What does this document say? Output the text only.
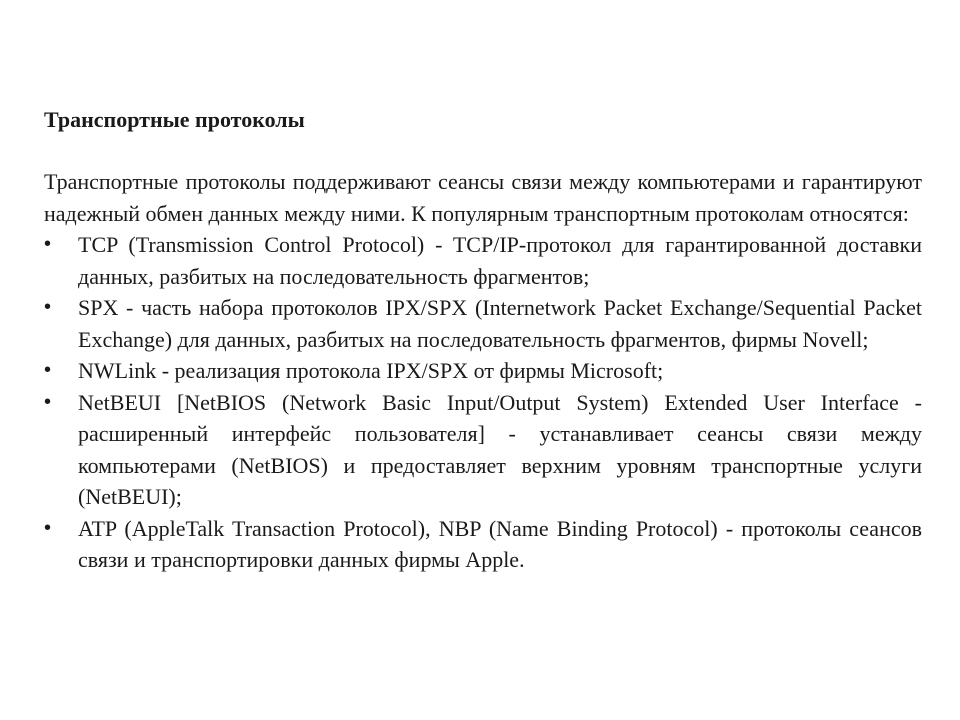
Транспортные протоколы

Транспортные протоколы поддерживают сеансы связи между компьютерами и гарантируют надежный обмен данных между ними. К популярным транспортным протоколам относятся:

•	TCP (Transmission Control Protocol) - TCP/IP-протокол для гарантированной доставки данных, разбитых на последовательность фрагментов;
•	SPX - часть набора протоколов IPX/SPX (Internetwork Packet Exchange/Sequential Packet Exchange) для данных, разбитых на последовательность фрагментов, фирмы Novell;
•	NWLink - реализация протокола IPX/SPX от фирмы Microsoft;
•	NetBEUI [NetBIOS (Network Basic Input/Output System) Extended User Interface - расширенный интерфейс пользователя] - устанавливает сеансы связи между компьютерами (NetBIOS) и предоставляет верхним уровням транспортные услуги (NetBEUI);
•	ATP (AppleTalk Transaction Protocol), NBP (Name Binding Protocol) - протоколы сеансов связи и транспортировки данных фирмы Apple.
